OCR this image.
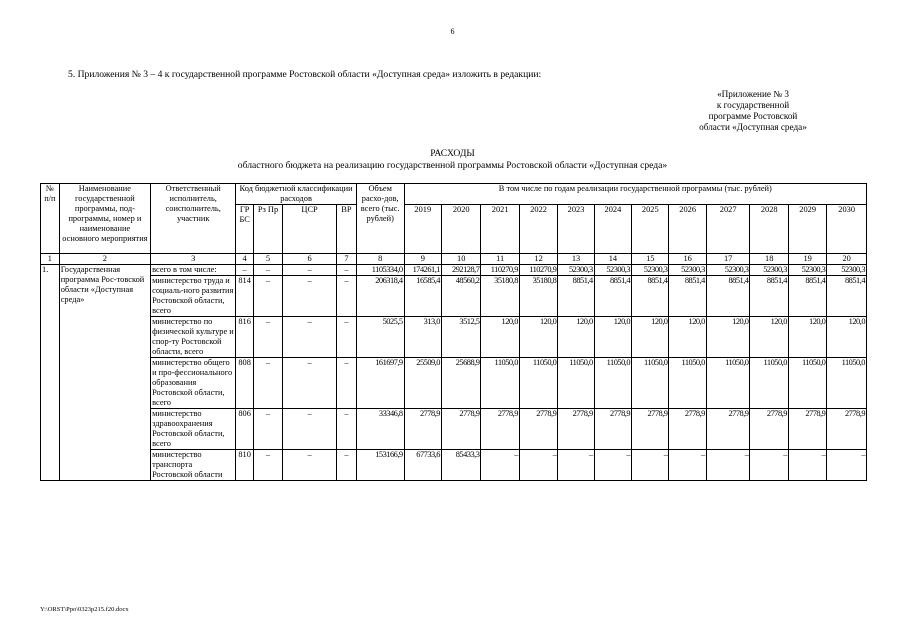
6
5. Приложения № 3 – 4 к государственной программе Ростовской области «Доступная среда» изложить в редакции:
«Приложение № 3
к государственной
программе Ростовской
области «Доступная среда»
РАСХОДЫ
областного бюджета на реализацию государственной программы Ростовской области «Доступная среда»
№ п/п	Наименование государственной программы, под-программы, номер и наименование основного мероприятия	Ответственный исполнитель, соисполнитель, участник	Код бюджетной классификации расходов				Объем расхо-дов, всего (тыс. рублей)	В том числе по годам реализации государственной программы (тыс. рублей)											
			ГР БС	Рз Пр	ЦСР	ВР		2019	2020	2021	2022	2023	2024	2025	2026	2027	2028	2029	2030
1	2	3	4	5	6	7	8	9	10	11	12	13	14	15	16	17	18	19	20
1.	Государственная программа Рос-товской области «Доступная среда»	всего в том числе:	–	–	–	–	1105334,0	174261,1	292128,7	110270,9	110270,9	52300,3	52300,3	52300,3	52300,3	52300,3	52300,3	52300,3	52300,3
		министерство труда и социаль-ного развития Ростовской области, всего	814	–	–	–	206318,4	16585,4	48560,2	35180,8	35180,8	8851,4	8851,4	8851,4	8851,4	8851,4	8851,4	8851,4	8851,4
		министерство по физической культуре и спор-ту Ростовской области, всего	816	–	–	–	5025,5	313,0	3512,5	120,0	120,0	120,0	120,0	120,0	120,0	120,0	120,0	120,0	120,0
		министерство общего и про-фессионального образования Ростовской области, всего	808	–	–	–	161697,9	25509,0	25688,9	11050,0	11050,0	11050,0	11050,0	11050,0	11050,0	11050,0	11050,0	11050,0	11050,0
		министерство здравоохранения Ростовской области, всего	806	–	–	–	33346,8	2778,9	2778,9	2778,9	2778,9	2778,9	2778,9	2778,9	2778,9	2778,9	2778,9	2778,9	2778,9
		министерство транспорта Ростовской области	810	–	–	–	153166,9	67733,6	85433,3	–	–	–	–	–	–	–	–	–	–
Y:\ORST\Ppo\0323p215.f20.docx
